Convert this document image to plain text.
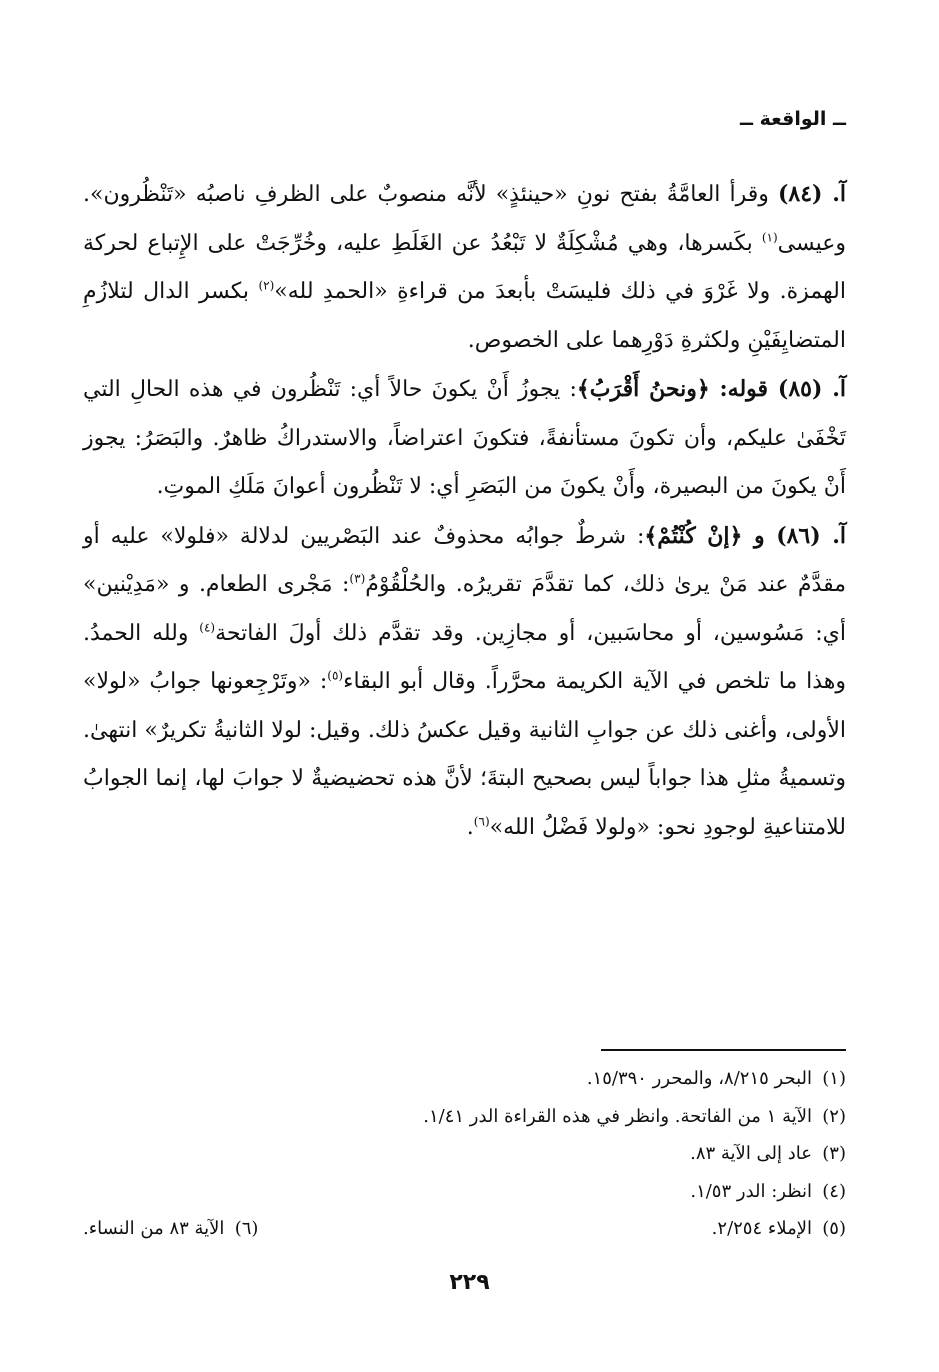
ــ الواقعة ــ

آ. (٨٤) وقرأ العامَّةُ بفتح نونِ «حينئذٍ» لأنَّه منصوبٌ على الظرفِ ناصبُه «تَنْظُرون». وعيسى$^{(١)}$ بكَسرها، وهي مُشْكِلَةٌ لا تَبْعُدُ عن الغَلَطِ عليه، وخُرِّجَتْ على الإِتباع لحركة الهمزة. ولا غَرْوَ في ذلك فليسَتْ بأبعدَ من قراءةِ «الحمدِ لله»$^{(٢)}$ بكسر الدال لتلازُمِ المتضايِفَيْنِ ولكثرةِ دَوْرِهما على الخصوص.

آ. (٨٥) قوله: ﴿ونحنُ أَقْرَبُ﴾: يجوزُ أَنْ يكونَ حالاً أي: تَنْظُرون في هذه الحالِ التي تَخْفَىٰ عليكم، وأن تكونَ مستأنفةً، فتكونَ اعتراضاً، والاستدراكُ ظاهرٌ. والبَصَرُ: يجوز أَنْ يكونَ من البصيرة، وأَنْ يكونَ من البَصَرِ أي: لا تَنْظُرون أعوانَ مَلَكِ الموتِ.

آ. (٨٦) و ﴿إنْ كُنْتُمْ﴾: شرطٌ جوابُه محذوفٌ عند البَصْريين لدلالة «فلولا» عليه أو مقدَّمٌ عند مَنْ يرىٰ ذلك، كما تقدَّمَ تقريرُه. والحُلْقُوْمُ$^{(٣)}$: مَجْرى الطعام. و «مَدِيْنين» أي: مَسُوسين، أو محاسَبين، أو مجازِين. وقد تقدَّم ذلك أولَ الفاتحة$^{(٤)}$ ولله الحمدُ. وهذا ما تلخص في الآية الكريمة محرَّراً. وقال أبو البقاء$^{(٥)}$: «وتَرْجِعونها جوابُ «لولا» الأولى، وأغنى ذلك عن جوابِ الثانية وقيل عكسُ ذلك. وقيل: لولا الثانيةُ تكريرٌ» انتهىٰ. وتسميةُ مثلِ هذا جواباً ليس بصحيح البتةَ؛ لأنَّ هذه تحضيضيةٌ لا جوابَ لها، إنما الجوابُ للامتناعيةِ لوجودِ نحو: «ولولا فَضْلُ الله»$^{(٦)}$.

(١)البحر ٨/٢١٥، والمحرر ١٥/٣٩٠.
(٢)الآية ١ من الفاتحة. وانظر في هذه القراءة الدر ١/٤١.
(٣)عاد إلى الآية ٨٣.
(٤)انظر: الدر ١/٥٣.
(٥)الإملاء ٢/٢٥٤.
(٦)الآية ٨٣ من النساء.
٢٢٩
